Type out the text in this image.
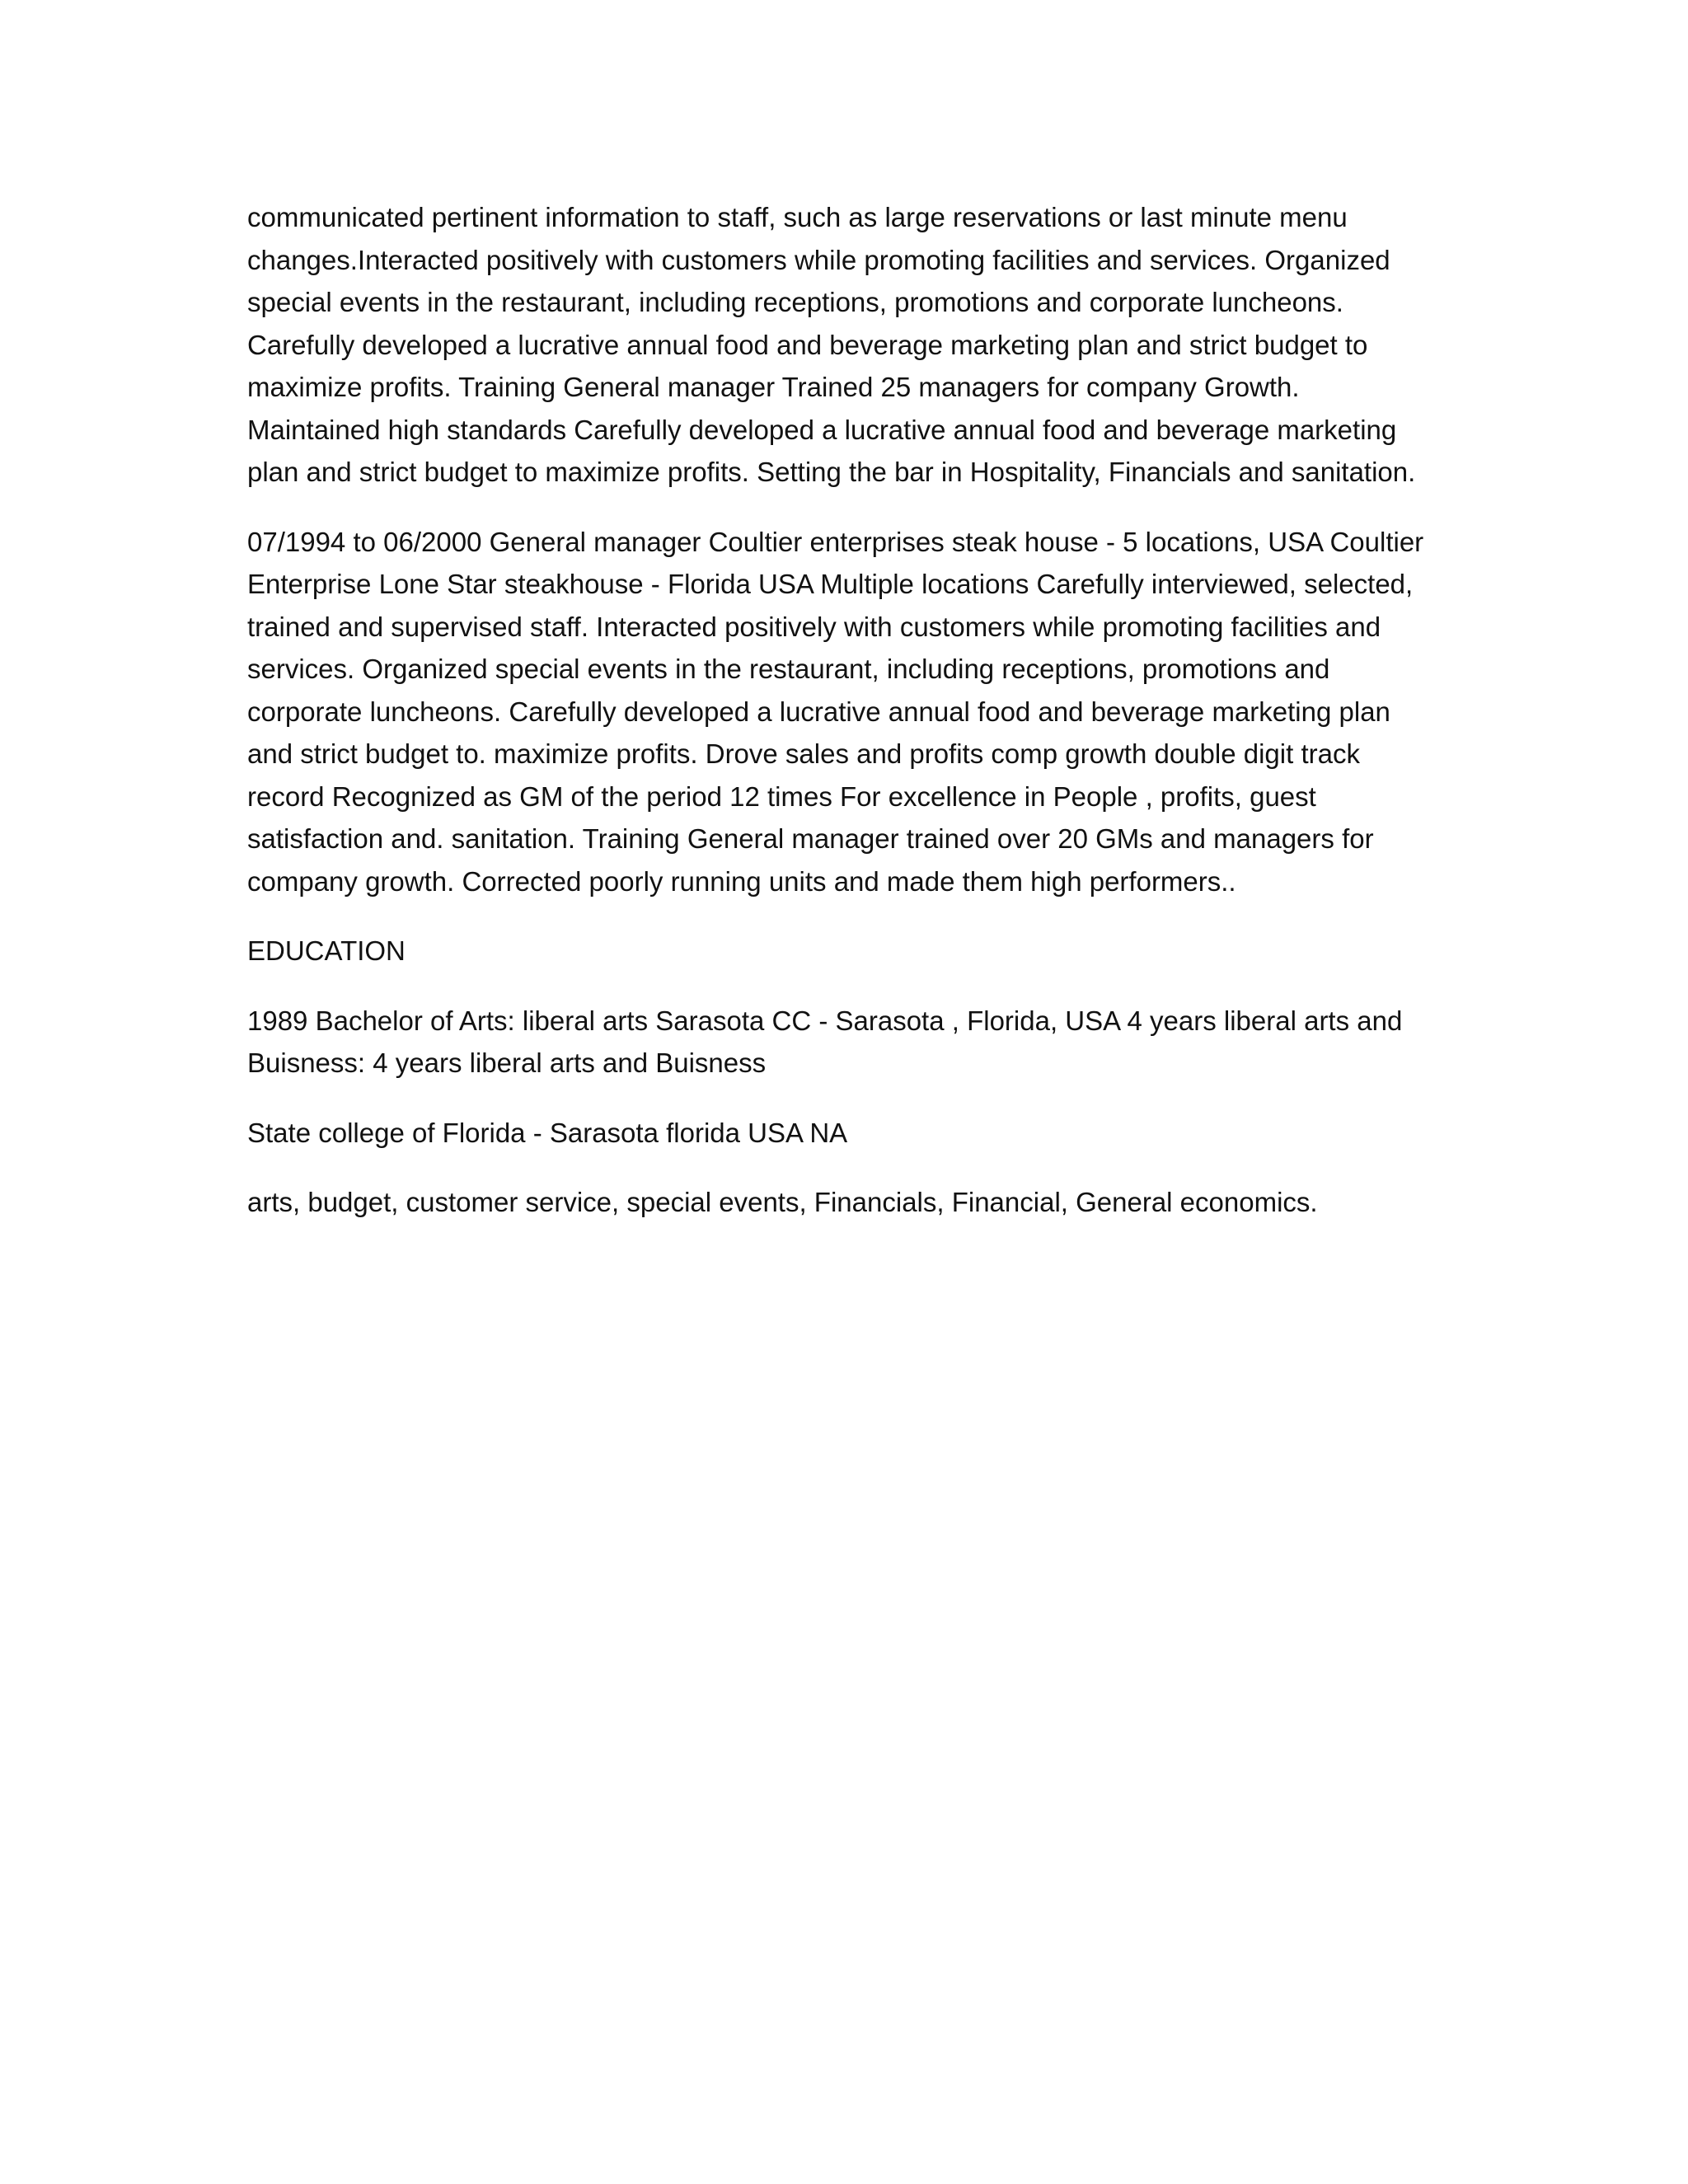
communicated pertinent information to staff, such as large reservations or last minute menu changes.Interacted positively with customers while promoting facilities and services. Organized special events in the restaurant, including receptions, promotions and corporate luncheons. Carefully developed a lucrative annual food and beverage marketing plan and strict budget to maximize profits. Training General manager Trained 25 managers for company Growth. Maintained high standards Carefully developed a lucrative annual food and beverage marketing plan and strict budget to maximize profits. Setting the bar in Hospitality, Financials and sanitation.

07/1994 to 06/2000 General manager Coultier enterprises steak house - 5 locations, USA Coultier Enterprise Lone Star steakhouse - Florida USA Multiple locations Carefully interviewed, selected, trained and supervised staff. Interacted positively with customers while promoting facilities and services. Organized special events in the restaurant, including receptions, promotions and corporate luncheons. Carefully developed a lucrative annual food and beverage marketing plan and strict budget to. maximize profits. Drove sales and profits comp growth double digit track record Recognized as GM of the period 12 times For excellence in People , profits, guest satisfaction and. sanitation. Training General manager trained over 20 GMs and managers for company growth. Corrected poorly running units and made them high performers..

EDUCATION

1989 Bachelor of Arts: liberal arts Sarasota CC - Sarasota , Florida, USA 4 years liberal arts and Buisness: 4 years liberal arts and Buisness

State college of Florida - Sarasota florida USA NA

arts, budget, customer service, special events, Financials, Financial, General economics.
